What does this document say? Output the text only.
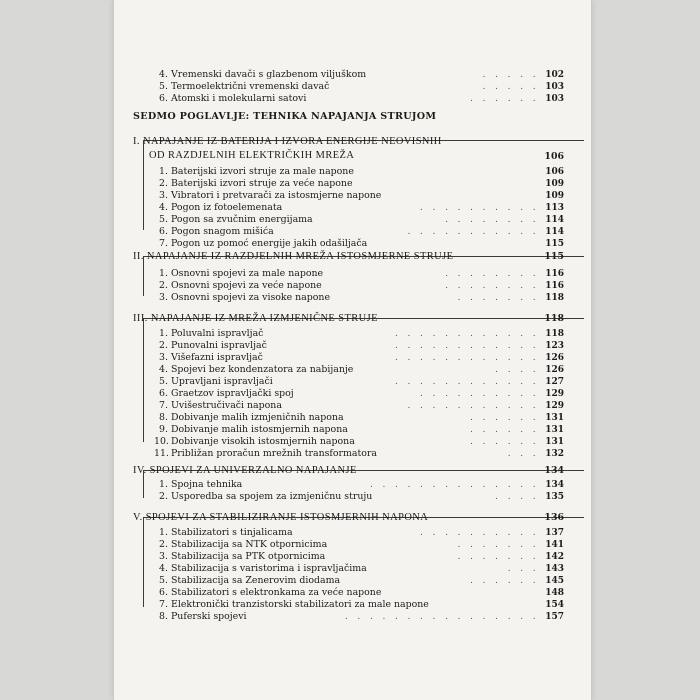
4. Vremenski davači s glazbenom viljuškom	. . . . . 102
5. Termoelektrični vremenski davač	. . . . . 103
6. Atomski i molekularni satovi	. . . . . . 103
SEDMO POGLAVLJE: TEHNIKA NAPAJANJA STRUJOM
I. NAPAJANJE IZ BATERIJA I IZVORA ENERGIJE NEOVISNIH
OD RAZDJELNIH ELEKTRIČKIH MREŽA	106
1. Baterijski izvori struje za male napone	106
2. Baterijski izvori struje za veće napone	109
3. Vibratori i pretvarači za istosmjerne napone	109
4. Pogon iz fotoelemenata	. . . . . . . . . . 113
5. Pogon sa zvučnim energijama	. . . . . . . . 114
6. Pogon snagom mišića	. . . . . . . . . . . 114
7. Pogon uz pomoć energije jakih odašiljača	115
II. NAPAJANJE IZ RAZDJELNIH MREŽA ISTOSMJERNE STRUJE	115
1. Osnovni spojevi za male napone	. . . . . . . . 116
2. Osnovni spojevi za veće napone	. . . . . . . . 116
3. Osnovni spojevi za visoke napone	. . . . . . . 118
III. NAPAJANJE IZ MREŽA IZMJENIČNE STRUJE	118
1. Poluvalni ispravljač	. . . . . . . . . . . . 118
2. Punovalni ispravljač	. . . . . . . . . . . . 123
3. Višefazni ispravljač	. . . . . . . . . . . . 126
4. Spojevi bez kondenzatora za nabijanje	. . . . 126
5. Upravljani ispravljači	. . . . . . . . . . . . 127
6. Graetzov ispravljački spoj	. . . . . . . . . . 129
7. Uvišestručivači napona	. . . . . . . . . . . 129
8. Dobivanje malih izmjeničnih napona	. . . . . . 131
9. Dobivanje malih istosmjernih napona	. . . . . . 131
10. Dobivanje visokih istosmjernih napona	. . . . . . 131
11. Približan proračun mrežnih transformatora	. . . 132
IV. SPOJEVI ZA UNIVERZALNO NAPAJANJE	134
1. Spojna tehnika	. . . . . . . . . . . . . . 134
2. Usporedba sa spojem za izmjeničnu struju	. . . . 135
V. SPOJEVI ZA STABILIZIRANJE ISTOSMJERNIH NAPONA	136
1. Stabilizatori s tinjalicama	. . . . . . . . . . 137
2. Stabilizacija sa NTK otpornicima	. . . . . . . 141
3. Stabilizacija sa PTK otpornicima	. . . . . . . 142
4. Stabilizacija s varistorima i ispravljačima	. . . 143
5. Stabilizacija sa Zenerovim diodama	. . . . . . 145
6. Stabilizatori s elektronkama za veće napone	148
7. Elektronički tranzistorski stabilizatori za male napone	154
8. Puferski spojevi	. . . . . . . . . . . . . . . . 157
